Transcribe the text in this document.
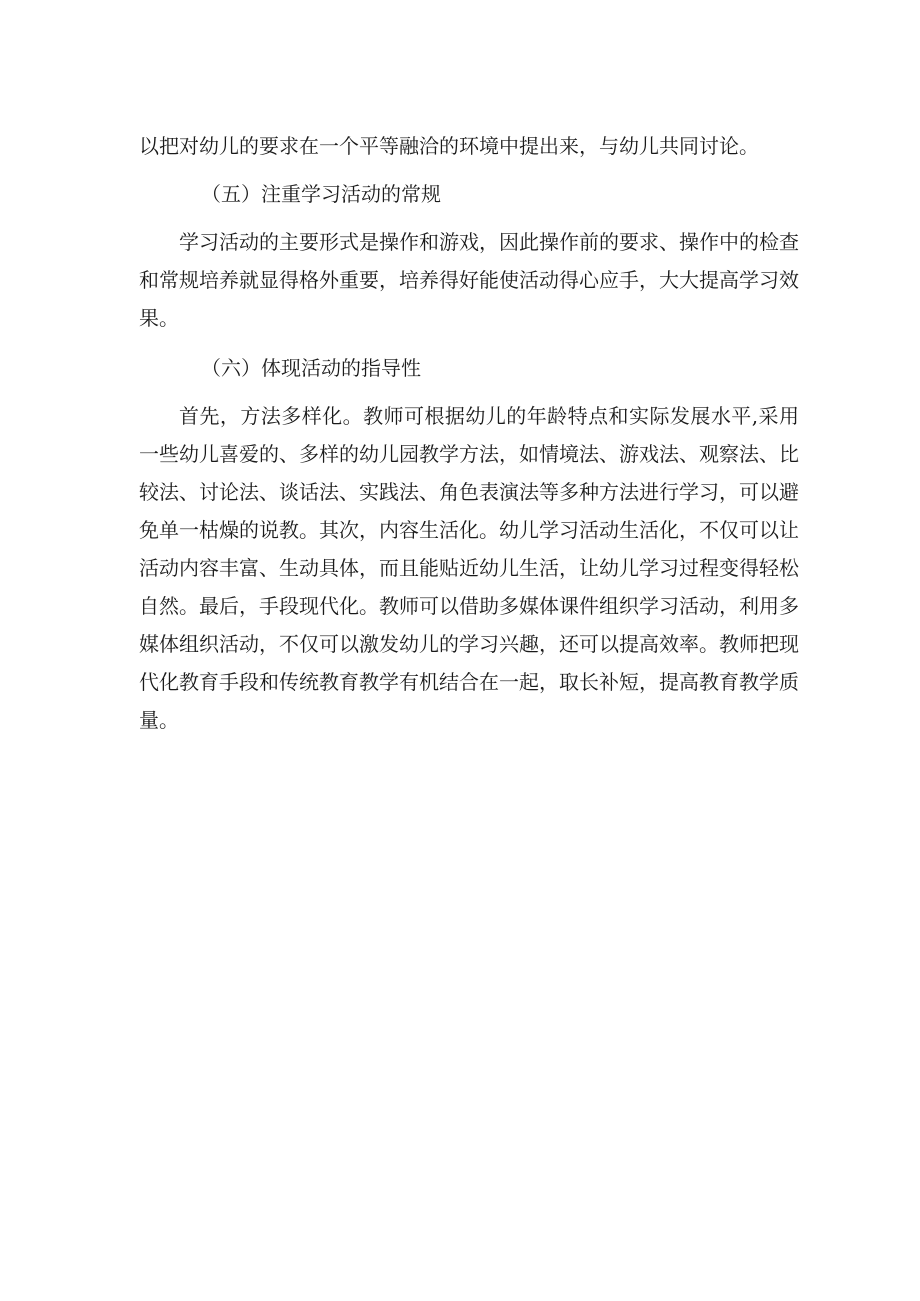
以把对幼儿的要求在一个平等融洽的环境中提出来，与幼儿共同讨论。

（五）注重学习活动的常规

学习活动的主要形式是操作和游戏，因此操作前的要求、操作中的检查和常规培养就显得格外重要，培养得好能使活动得心应手，大大提高学习效果。

（六）体现活动的指导性

首先，方法多样化。教师可根据幼儿的年龄特点和实际发展水平,采用一些幼儿喜爱的、多样的幼儿园教学方法，如情境法、游戏法、观察法、比较法、讨论法、谈话法、实践法、角色表演法等多种方法进行学习，可以避免单一枯燥的说教。其次，内容生活化。幼儿学习活动生活化，不仅可以让活动内容丰富、生动具体，而且能贴近幼儿生活，让幼儿学习过程变得轻松自然。最后，手段现代化。教师可以借助多媒体课件组织学习活动，利用多媒体组织活动，不仅可以激发幼儿的学习兴趣，还可以提高效率。教师把现代化教育手段和传统教育教学有机结合在一起，取长补短，提高教育教学质量。
